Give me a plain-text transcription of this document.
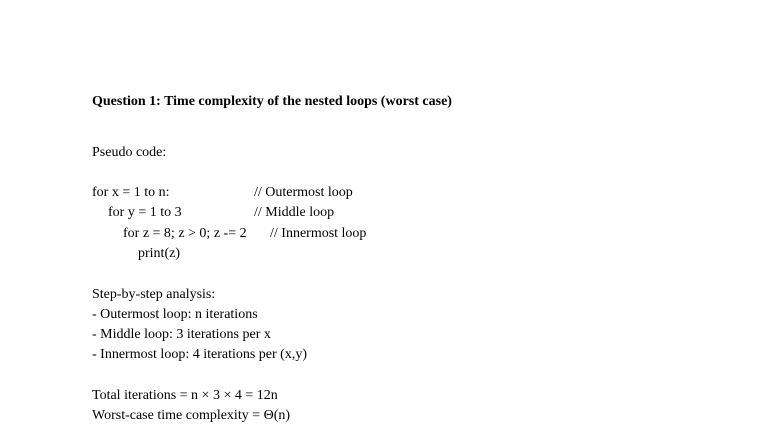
Question 1: Time complexity of the nested loops (worst case)
Pseudo code:
for x = 1 to n:	// Outermost loop
for y = 1 to 3	// Middle loop
for z = 8; z > 0; z -= 2 // Innermost loop
print(z)
Step-by-step analysis:
- Outermost loop: n iterations
- Middle loop: 3 iterations per x
- Innermost loop: 4 iterations per (x,y)
Total iterations = n × 3 × 4 = 12n
Worst-case time complexity = Θ(n)
